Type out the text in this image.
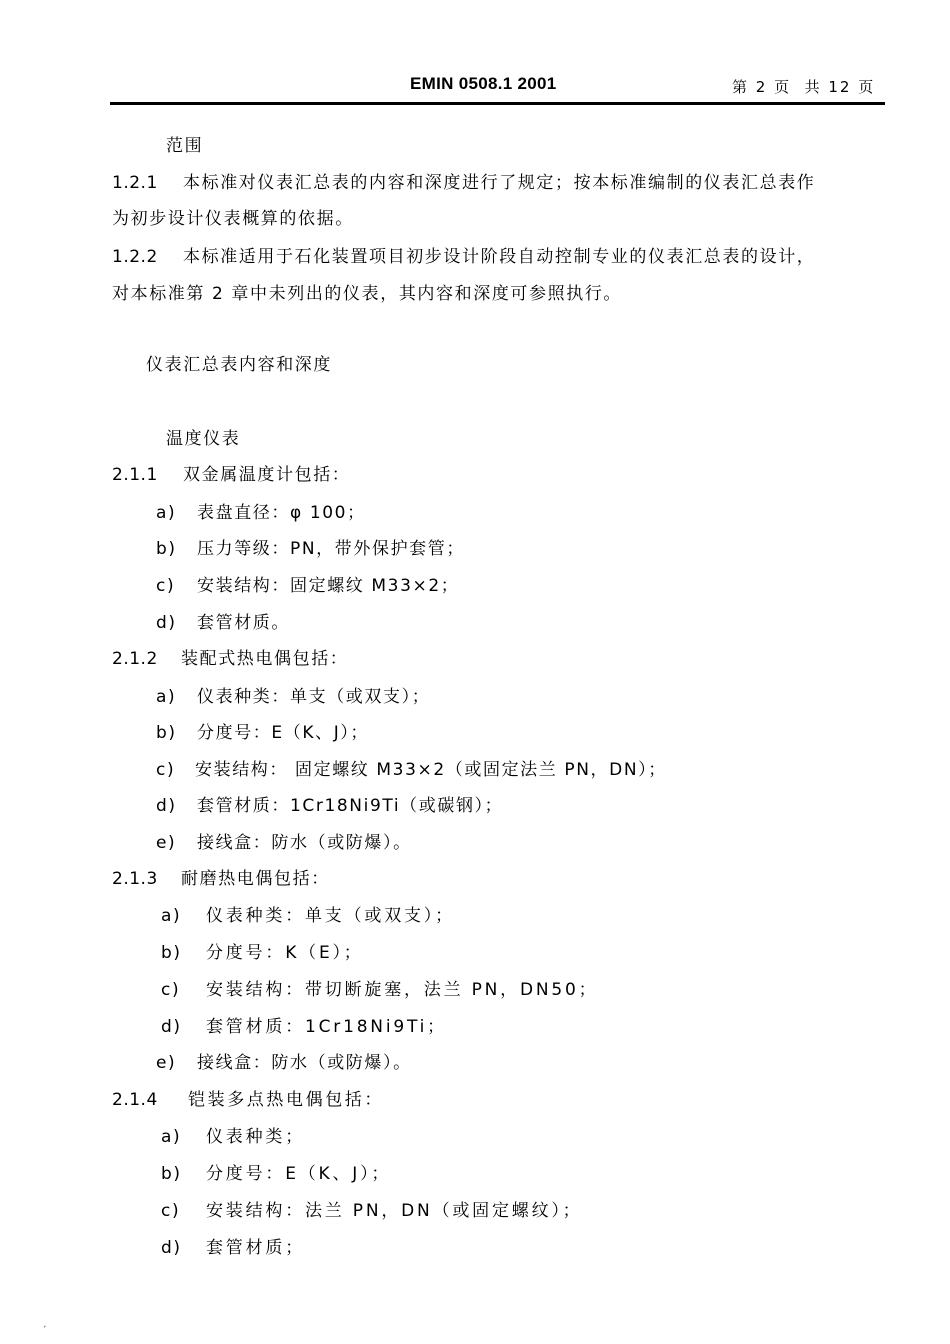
EMIN 0508.1 2001	第 2 页  共 12 页
范围
1.2.1 本标准对仪表汇总表的内容和深度进行了规定；按本标准编制的仪表汇总表作
为初步设计仪表概算的依据。
1.2.2 本标准适用于石化装置项目初步设计阶段自动控制专业的仪表汇总表的设计，
对本标准第 2 章中未列出的仪表，其内容和深度可参照执行。
仪表汇总表内容和深度
温度仪表
2.1.1 双金属温度计包括：
a) 表盘直径：φ 100；
b) 压力等级：PN，带外保护套管；
c) 安装结构：固定螺纹 M33×2；
d) 套管材质。
2.1.2 装配式热电偶包括：
a) 仪表种类：单支（或双支）；
b) 分度号：E（K、J）；
c) 安装结构： 固定螺纹 M33×2（或固定法兰 PN，DN）；
d) 套管材质：1Cr18Ni9Ti（或碳钢）；
e) 接线盒：防水（或防爆）。
2.1.3 耐磨热电偶包括：
a) 仪表种类：单支（或双支）；
b) 分度号：K（E）；
c) 安装结构：带切断旋塞，法兰 PN，DN50；
d) 套管材质：1Cr18Ni9Ti；
e) 接线盒：防水（或防爆）。
2.1.4 铠装多点热电偶包括：
a) 仪表种类；
b) 分度号：E（K、J）；
c) 安装结构：法兰 PN，DN（或固定螺纹）；
d) 套管材质；
ˊ
